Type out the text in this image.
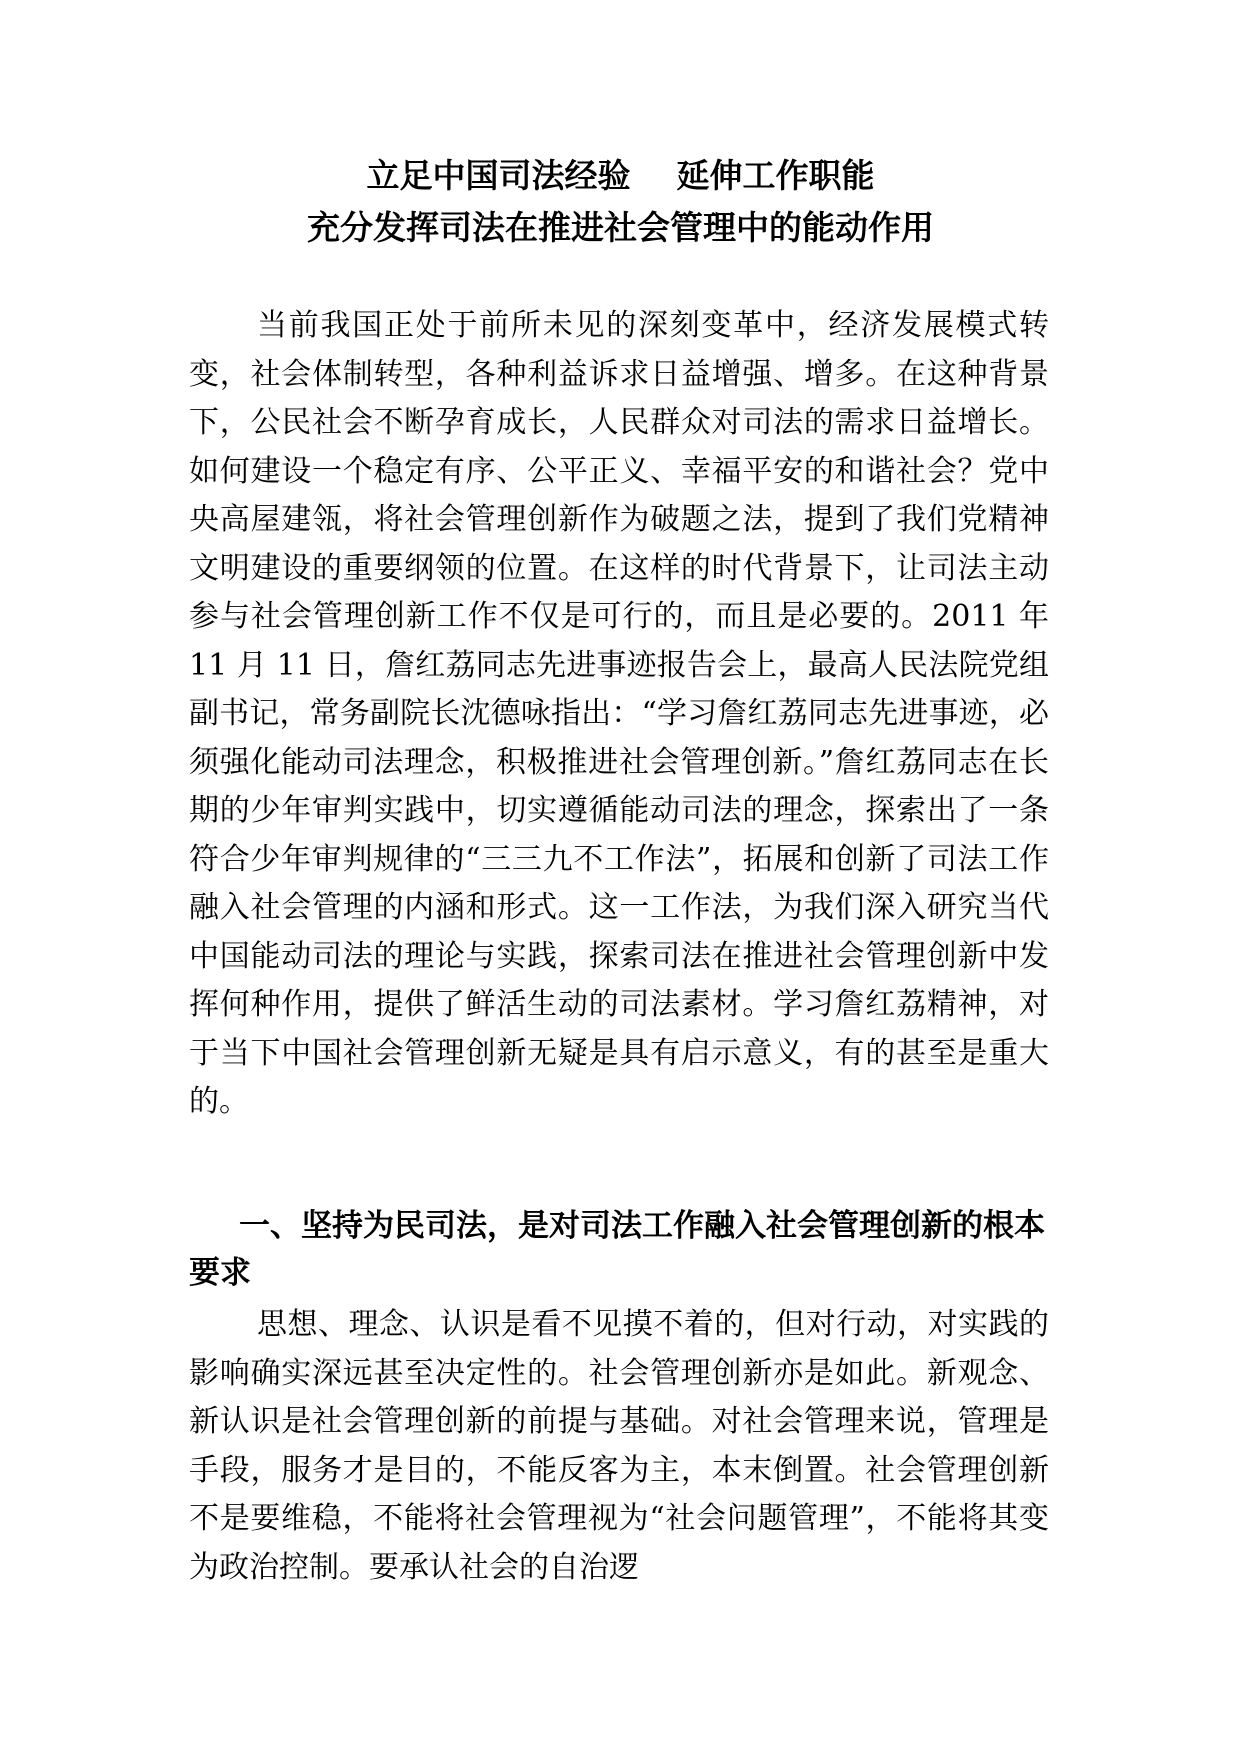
立足中国司法经验    延伸工作职能
充分发挥司法在推进社会管理中的能动作用

当前我国正处于前所未见的深刻变革中，经济发展模式转变，社会体制转型，各种利益诉求日益增强、增多。在这种背景下，公民社会不断孕育成长，人民群众对司法的需求日益增长。如何建设一个稳定有序、公平正义、幸福平安的和谐社会？党中央高屋建瓴，将社会管理创新作为破题之法，提到了我们党精神文明建设的重要纲领的位置。在这样的时代背景下，让司法主动参与社会管理创新工作不仅是可行的，而且是必要的。2011 年 11 月 11 日，詹红荔同志先进事迹报告会上，最高人民法院党组副书记，常务副院长沈德咏指出：“学习詹红荔同志先进事迹，必须强化能动司法理念，积极推进社会管理创新。”詹红荔同志在长期的少年审判实践中，切实遵循能动司法的理念，探索出了一条符合少年审判规律的“三三九不工作法”，拓展和创新了司法工作融入社会管理的内涵和形式。这一工作法，为我们深入研究当代中国能动司法的理论与实践，探索司法在推进社会管理创新中发挥何种作用，提供了鲜活生动的司法素材。学习詹红荔精神，对于当下中国社会管理创新无疑是具有启示意义，有的甚至是重大的。

一、坚持为民司法，是对司法工作融入社会管理创新的根本要求

思想、理念、认识是看不见摸不着的，但对行动，对实践的影响确实深远甚至决定性的。社会管理创新亦是如此。新观念、新认识是社会管理创新的前提与基础。对社会管理来说，管理是手段，服务才是目的，不能反客为主，本末倒置。社会管理创新不是要维稳，不能将社会管理视为“社会问题管理”，不能将其变为政治控制。要承认社会的自治逻
